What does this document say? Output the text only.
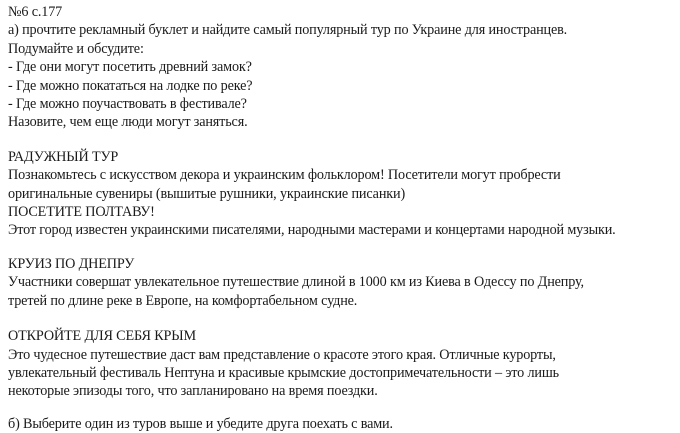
№6 с.177
а) прочтите рекламный буклет и найдите самый популярный тур по Украине для иностранцев.
Подумайте и обсудите:
- Где они могут посетить древний замок?
- Где можно покататься на лодке по реке?
- Где можно поучаствовать в фестивале?
Назовите, чем еще люди могут заняться.
РАДУЖНЫЙ ТУР
Познакомьтесь с искусством декора и украинским фольклором! Посетители могут пробрести
оригинальные сувениры (вышитые рушники, украинские писанки)
ПОСЕТИТЕ ПОЛТАВУ!
Этот город известен украинскими писателями, народными мастерами и концертами народной музыки.
КРУИЗ ПО ДНЕПРУ
Участники совершат увлекательное путешествие длиной в 1000 км из Киева в Одессу по Днепру,
третей по длине реке в Европе, на комфортабельном судне.
ОТКРОЙТЕ ДЛЯ СЕБЯ КРЫМ
Это чудесное путешествие даст вам представление о красоте этого края. Отличные курорты,
увлекательный фестиваль Нептуна и красивые крымские достопримечательности – это лишь
некоторые эпизоды того, что запланировано на время поездки.
б) Выберите один из туров выше и убедите друга поехать с вами.
